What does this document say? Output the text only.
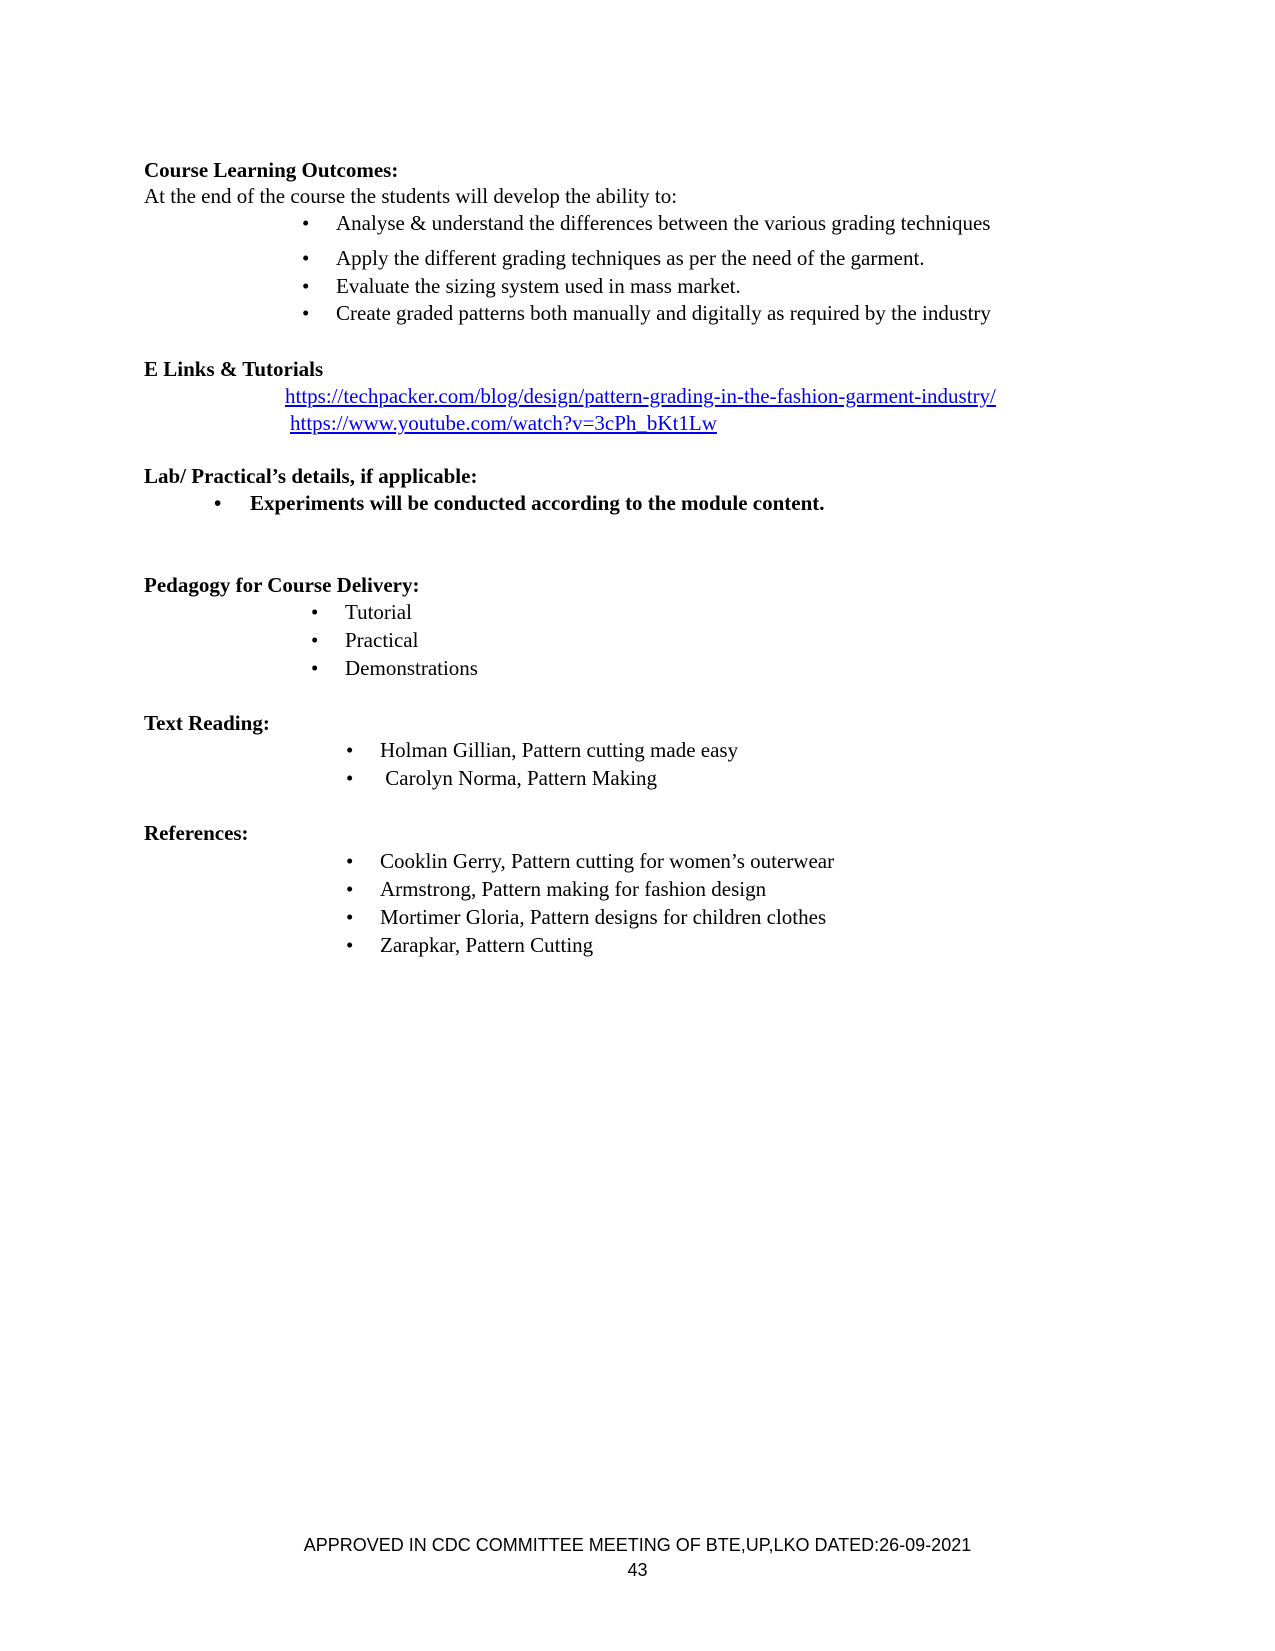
Course Learning Outcomes:
At the end of the course the students will develop the ability to:
• Analyse & understand the differences between the various grading techniques
• Apply the different grading techniques as per the need of the garment.
• Evaluate the sizing system used in mass market.
• Create graded patterns both manually and digitally as required by the industry
E Links & Tutorials
https://techpacker.com/blog/design/pattern-grading-in-the-fashion-garment-industry/
https://www.youtube.com/watch?v=3cPh_bKt1Lw
Lab/ Practical’s details, if applicable:
• Experiments will be conducted according to the module content.
Pedagogy for Course Delivery:
• Tutorial
• Practical
• Demonstrations
Text Reading:
• Holman Gillian, Pattern cutting made easy
• Carolyn Norma, Pattern Making
References:
• Cooklin Gerry, Pattern cutting for women’s outerwear
• Armstrong, Pattern making for fashion design
• Mortimer Gloria, Pattern designs for children clothes
• Zarapkar, Pattern Cutting
APPROVED IN CDC COMMITTEE MEETING OF BTE,UP,LKO DATED:26-09-2021
43
